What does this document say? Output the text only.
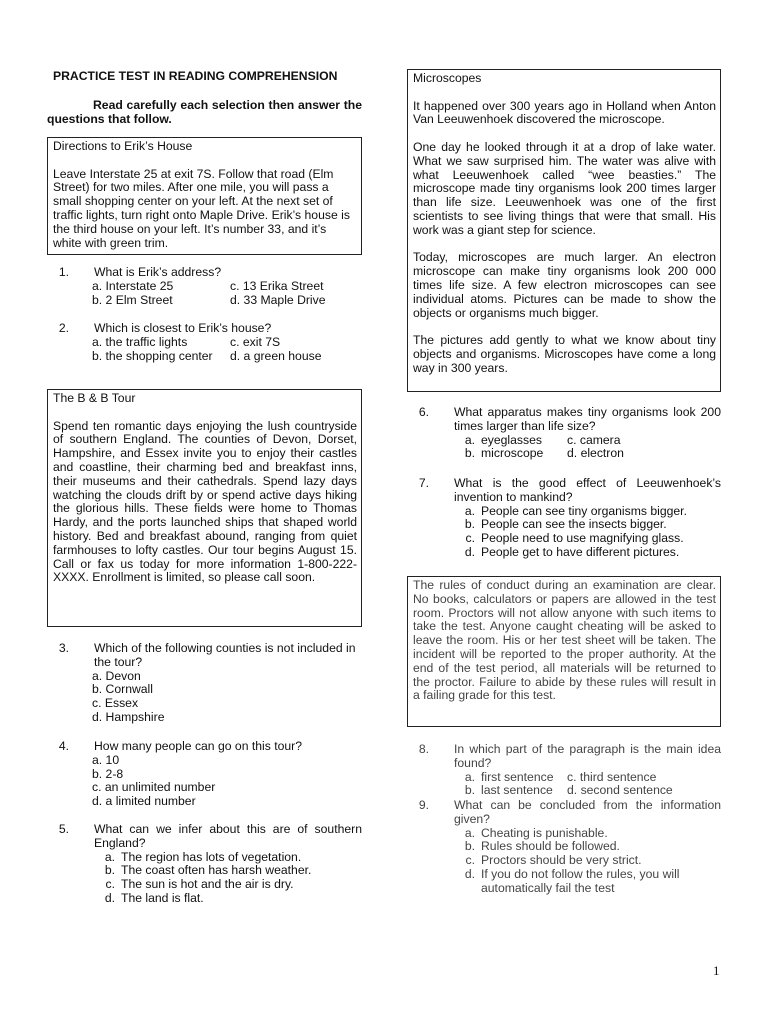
PRACTICE TEST IN READING COMPREHENSION
Read carefully each selection then answer the questions that follow.

Directions to Erik’s House

Leave Interstate 25 at exit 7S. Follow that road (Elm Street) for two miles. After one mile, you will pass a small shopping center on your left. At the next set of traffic lights, turn right onto Maple Drive. Erik’s house is the third house on your left. It’s number 33, and it’s white with green trim.

1. What is Erik’s address?
a. Interstate 25	c. 13 Erika Street
b. 2 Elm Street	d. 33 Maple Drive
2. Which is closest to Erik’s house?
a. the traffic lights	c. exit 7S
b. the shopping center	d. a green house

The B & B Tour

Spend ten romantic days enjoying the lush countryside of southern England. The counties of Devon, Dorset, Hampshire, and Essex invite you to enjoy their castles and coastline, their charming bed and breakfast inns, their museums and their cathedrals. Spend lazy days watching the clouds drift by or spend active days hiking the glorious hills. These fields were home to Thomas Hardy, and the ports launched ships that shaped world history. Bed and breakfast abound, ranging from quiet farmhouses to lofty castles. Our tour begins August 15. Call or fax us today for more information 1-800-222-XXXX. Enrollment is limited, so please call soon.

3. Which of the following counties is not included in the tour?
a. Devon
b. Cornwall
c. Essex
d. Hampshire
4. How many people can go on this tour?
a. 10
b. 2-8
c. an unlimited number
d. a limited number
5. What can we infer about this are of southern England?
a. The region has lots of vegetation.
b. The coast often has harsh weather.
c. The sun is hot and the air is dry.
d. The land is flat.

Microscopes

It happened over 300 years ago in Holland when Anton Van Leeuwenhoek discovered the microscope.

One day he looked through it at a drop of lake water. What we saw surprised him. The water was alive with what Leeuwenhoek called “wee beasties.” The microscope made tiny organisms look 200 times larger than life size. Leeuwenhoek was one of the first scientists to see living things that were that small. His work was a giant step for science.

Today, microscopes are much larger. An electron microscope can make tiny organisms look 200 000 times life size. A few electron microscopes can see individual atoms. Pictures can be made to show the objects or organisms much bigger.

The pictures add gently to what we know about tiny objects and organisms. Microscopes have come a long way in 300 years.

6. What apparatus makes tiny organisms look 200 times larger than life size?
a. eyeglasses	c. camera
b. microscope	d. electron
7. What is the good effect of Leeuwenhoek’s invention to mankind?
a. People can see tiny organisms bigger.
b. People can see the insects bigger.
c. People need to use magnifying glass.
d. People get to have different pictures.

The rules of conduct during an examination are clear. No books, calculators or papers are allowed in the test room. Proctors will not allow anyone with such items to take the test. Anyone caught cheating will be asked to leave the room. His or her test sheet will be taken. The incident will be reported to the proper authority. At the end of the test period, all materials will be returned to the proctor. Failure to abide by these rules will result in a failing grade for this test.

8. In which part of the paragraph is the main idea found?
a. first sentence	c. third sentence
b. last sentence	d. second sentence
9. What can be concluded from the information given?
a. Cheating is punishable.
b. Rules should be followed.
c. Proctors should be very strict.
d. If you do not follow the rules, you will automatically fail the test
1
